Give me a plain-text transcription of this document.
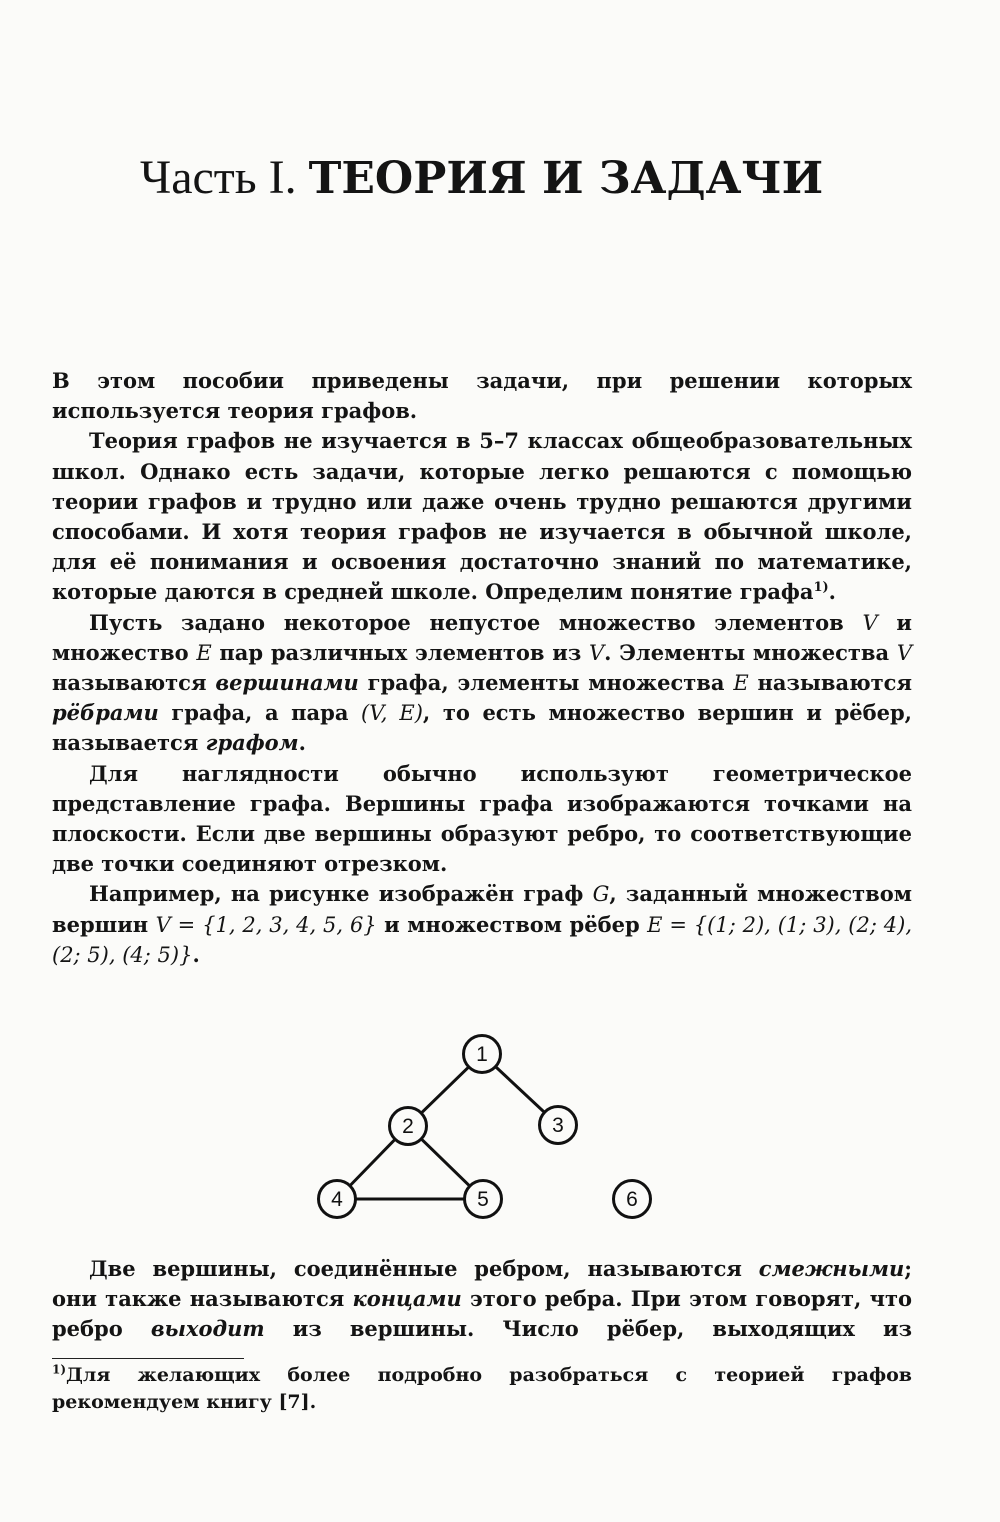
Часть I. ТЕОРИЯ И ЗАДАЧИ

В этом пособии приведены задачи, при решении которых используется теория графов.

Теория графов не изучается в 5–7 классах общеобразовательных школ. Однако есть задачи, которые легко решаются с помощью теории графов и трудно или даже очень трудно решаются другими способами. И хотя теория графов не изучается в обычной школе, для её понимания и освоения достаточно знаний по математике, которые даются в средней школе. Определим понятие графа$^{1)}$.

Пусть задано некоторое непустое множество элементов V и множество E пар различных элементов из V. Элементы множества V называются вершинами графа, элементы множества E называются рёбрами графа, а пара (V, E), то есть множество вершин и рёбер, называется графом.

Для наглядности обычно используют геометрическое представление графа. Вершины графа изображаются точками на плоскости. Если две вершины образуют ребро, то соответствующие две точки соединяют отрезком.

Например, на рисунке изображён граф G, заданный множеством вершин V = {1, 2, 3, 4, 5, 6} и множеством рёбер E = {(1; 2), (1; 3), (2; 4), (2; 5), (4; 5)}.

1
2	3
4	5	6

Две вершины, соединённые ребром, называются смежными; они также называются концами этого ребра. При этом говорят, что ребро выходит из вершины. Число рёбер, выходящих из

$^{1)}$Для желающих более подробно разобраться с теорией графов рекомендуем книгу [7].
